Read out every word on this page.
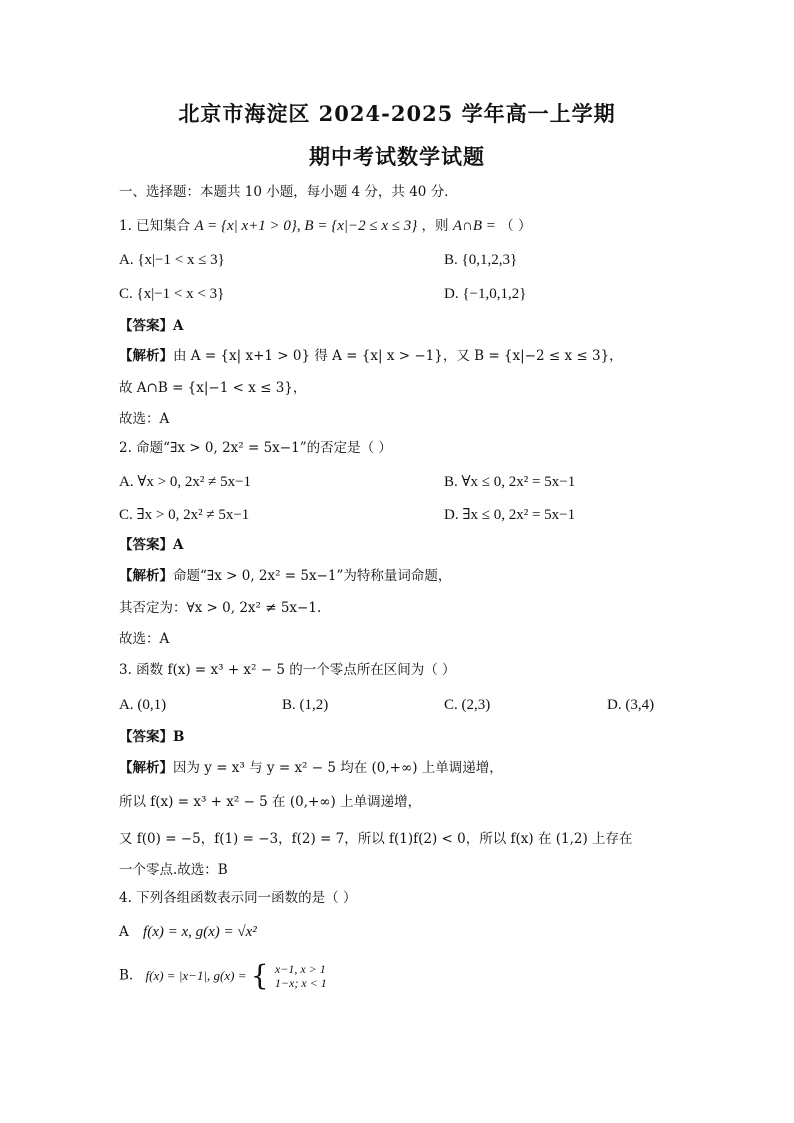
北京市海淀区 2024-2025 学年高一上学期
期中考试数学试题
一、选择题：本题共 10 小题，每小题 4 分，共 40 分．
1. 已知集合 A = {x| x+1 > 0}, B = {x|−2 ≤ x ≤ 3} ，则 A∩B = （ ）
A. {x|−1 < x ≤ 3}	B. {0,1,2,3}
C. {x|−1 < x < 3}	D. {−1,0,1,2}
【答案】A
【解析】由 A = {x| x+1 > 0} 得 A = {x| x > −1}，又 B = {x|−2 ≤ x ≤ 3}，
故 A∩B = {x|−1 < x ≤ 3}，
故选：A
2. 命题“∃x > 0, 2x² = 5x−1”的否定是（ ）
A. ∀x > 0, 2x² ≠ 5x−1	B. ∀x ≤ 0, 2x² = 5x−1
C. ∃x > 0, 2x² ≠ 5x−1	D. ∃x ≤ 0, 2x² = 5x−1
【答案】A
【解析】命题“∃x > 0, 2x² = 5x−1”为特称量词命题，
其否定为：∀x > 0, 2x² ≠ 5x−1.
故选：A
3. 函数 f(x) = x³ + x² − 5 的一个零点所在区间为（ ）
A. (0,1)	B. (1,2)	C. (2,3)	D. (3,4)
【答案】B
【解析】因为 y = x³ 与 y = x² − 5 均在 (0,+∞) 上单调递增，
所以 f(x) = x³ + x² − 5 在 (0,+∞) 上单调递增，
又 f(0) = −5，f(1) = −3，f(2) = 7，所以 f(1)f(2) < 0，所以 f(x) 在 (1,2) 上存在
一个零点.故选：B
4. 下列各组函数表示同一函数的是（ ）
A f(x) = x, g(x) = √x²
B. f(x) = |x−1|, g(x) = { x−1, x > 1
1−x; x < 1
